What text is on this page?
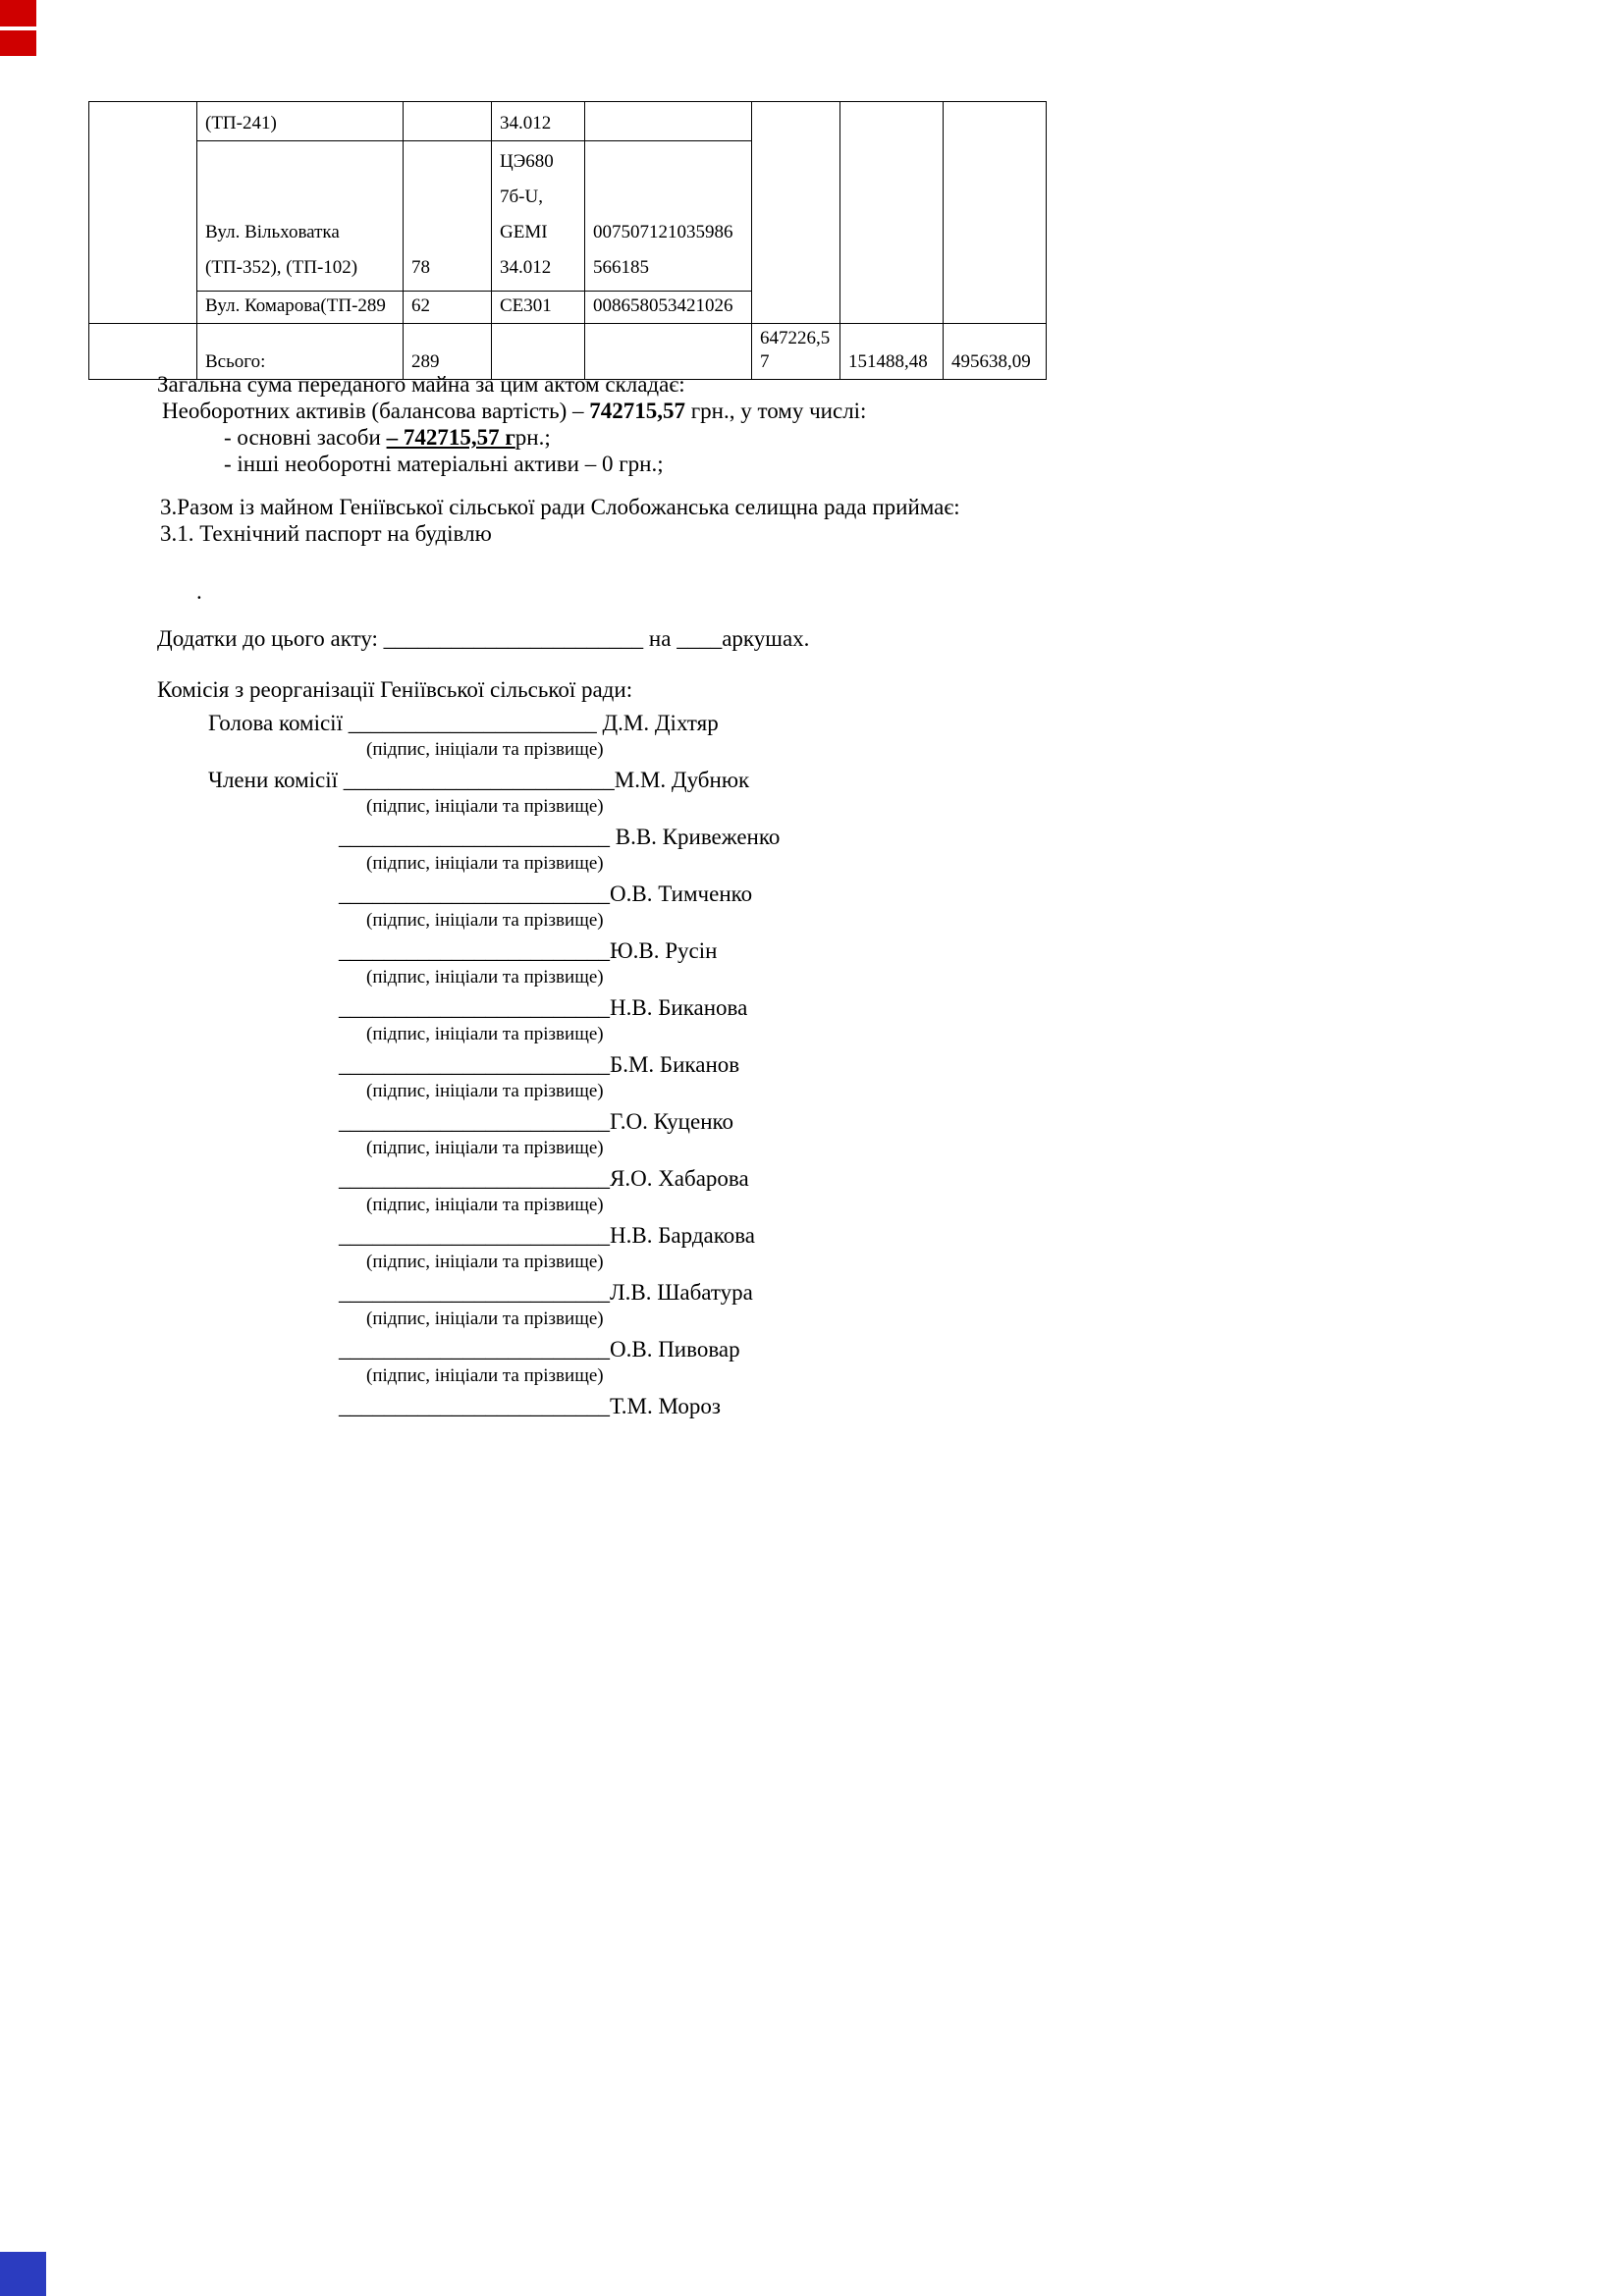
	(ТП-241)		34.012				
	Вул. Вільховатка (ТП-352), (ТП-102)	78	ЦЭ680 7б-U, GEMI 34.012	007507121035986 566185			
	Вул. Комарова(ТП-289	62	СЕ301	008658053421026			
	Всього:	289			647226,57	151488,48	495638,09
Загальна сума переданого майна за цим актом складає:
Необоротних активів (балансова вартість) – 742715,57 грн., у тому числі:
- основні засоби – 742715,57 грн.;
- інші необоротні матеріальні активи – 0 грн.;
3.Разом із майном Геніївської сільської ради Слобожанська селищна рада приймає:
3.1. Технічний паспорт на будівлю
.
Додатки до цього акту: _______________________ на ____аркушах.
Комісія з реорганізації Геніївської сільської ради:
Голова комісії ______________________ Д.М. Діхтяр
(підпис, ініціали та прізвище)
Члени комісії ________________________М.М. Дубнюк
(підпис, ініціали та прізвище)
________________________ В.В. Кривеженко
(підпис, ініціали та прізвище)
________________________О.В. Тимченко
(підпис, ініціали та прізвище)
________________________Ю.В. Русін
(підпис, ініціали та прізвище)
________________________Н.В. Биканова
(підпис, ініціали та прізвище)
________________________Б.М. Биканов
(підпис, ініціали та прізвище)
________________________Г.О. Куценко
(підпис, ініціали та прізвище)
________________________Я.О. Хабарова
(підпис, ініціали та прізвище)
________________________Н.В. Бардакова
(підпис, ініціали та прізвище)
________________________Л.В. Шабатура
(підпис, ініціали та прізвище)
________________________О.В. Пивовар
(підпис, ініціали та прізвище)
________________________Т.М. Мороз
